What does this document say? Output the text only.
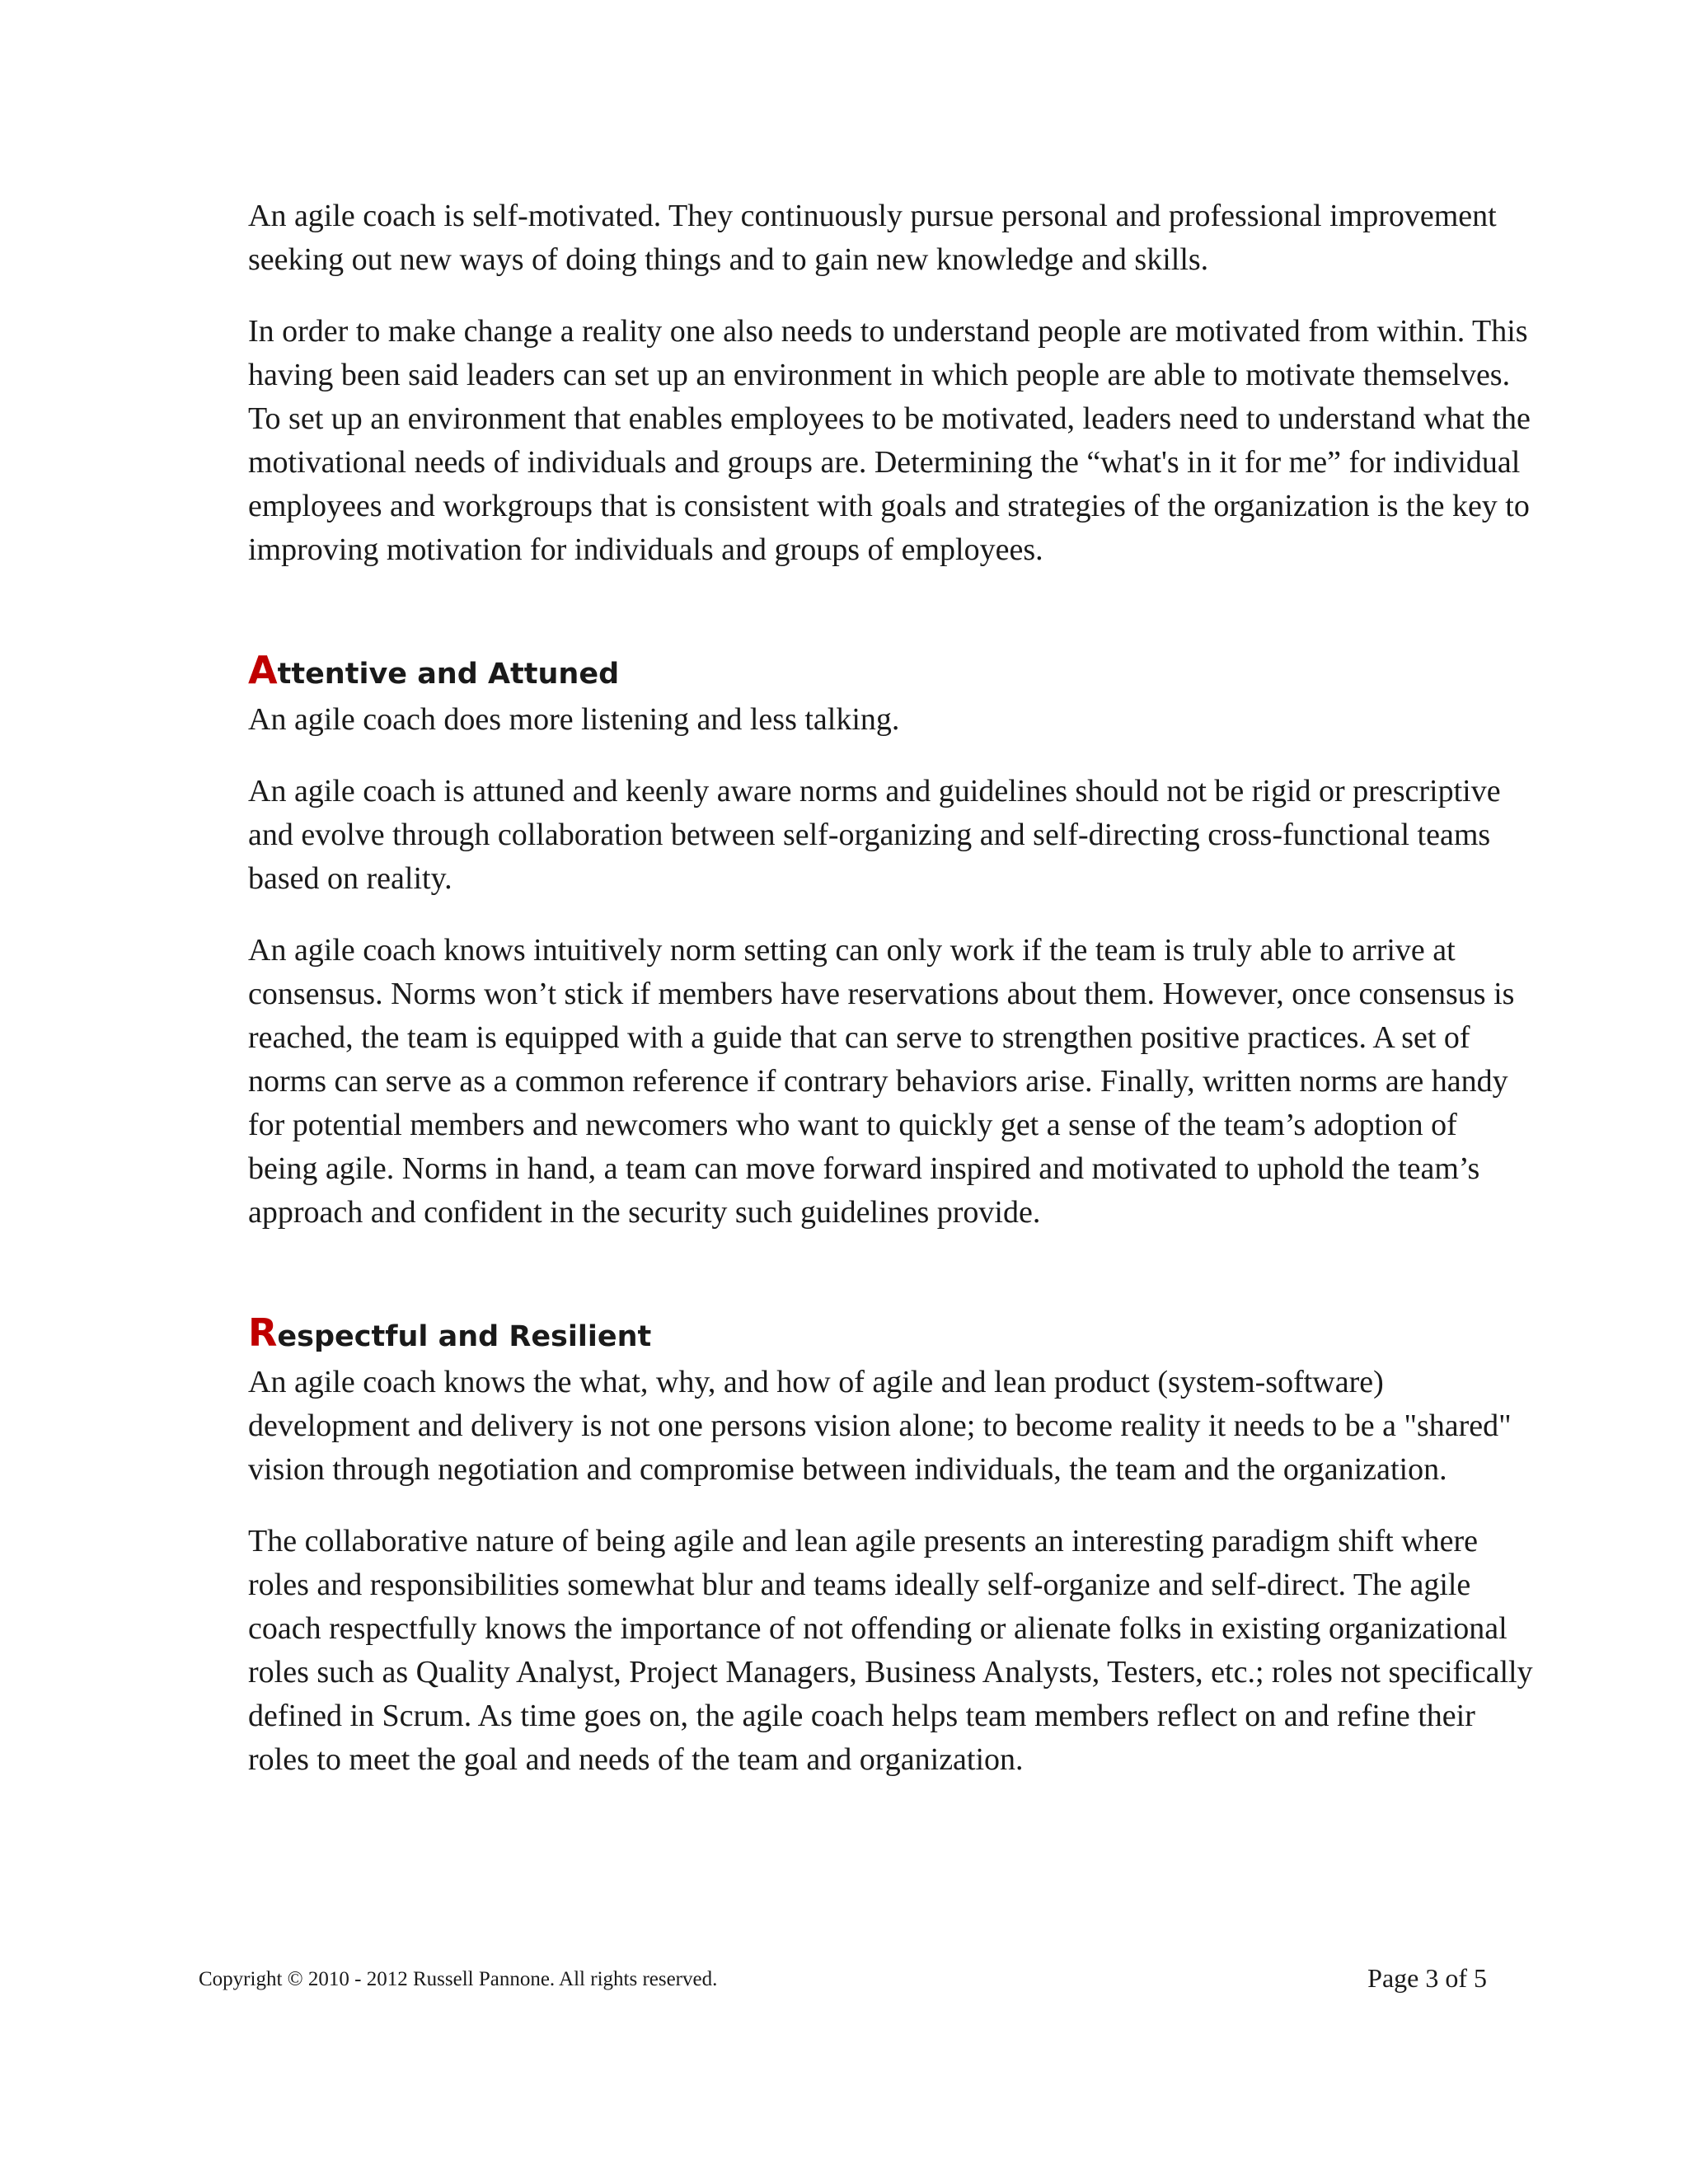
An agile coach is self-motivated. They continuously pursue personal and professional improvement seeking out new ways of doing things and to gain new knowledge and skills.

In order to make change a reality one also needs to understand people are motivated from within. This having been said leaders can set up an environment in which people are able to motivate themselves. To set up an environment that enables employees to be motivated, leaders need to understand what the motivational needs of individuals and groups are. Determining the “what's in it for me” for individual employees and workgroups that is consistent with goals and strategies of the organization is the key to improving motivation for individuals and groups of employees.

Attentive and Attuned

An agile coach does more listening and less talking.

An agile coach is attuned and keenly aware norms and guidelines should not be rigid or prescriptive and evolve through collaboration between self-organizing and self-directing cross-functional teams based on reality.

An agile coach knows intuitively norm setting can only work if the team is truly able to arrive at consensus. Norms won’t stick if members have reservations about them. However, once consensus is reached, the team is equipped with a guide that can serve to strengthen positive practices. A set of norms can serve as a common reference if contrary behaviors arise. Finally, written norms are handy for potential members and newcomers who want to quickly get a sense of the team’s adoption of being agile. Norms in hand, a team can move forward inspired and motivated to uphold the team’s approach and confident in the security such guidelines provide.

Respectful and Resilient

An agile coach knows the what, why, and how of agile and lean product (system-software) development and delivery is not one persons vision alone; to become reality it needs to be a "shared" vision through negotiation and compromise between individuals, the team and the organization.

The collaborative nature of being agile and lean agile presents an interesting paradigm shift where roles and responsibilities somewhat blur and teams ideally self-organize and self-direct. The agile coach respectfully knows the importance of not offending or alienate folks in existing organizational roles such as Quality Analyst, Project Managers, Business Analysts, Testers, etc.; roles not specifically defined in Scrum. As time goes on, the agile coach helps team members reflect on and refine their roles to meet the goal and needs of the team and organization.

Copyright © 2010 - 2012 Russell Pannone. All rights reserved.	Page 3 of 5
